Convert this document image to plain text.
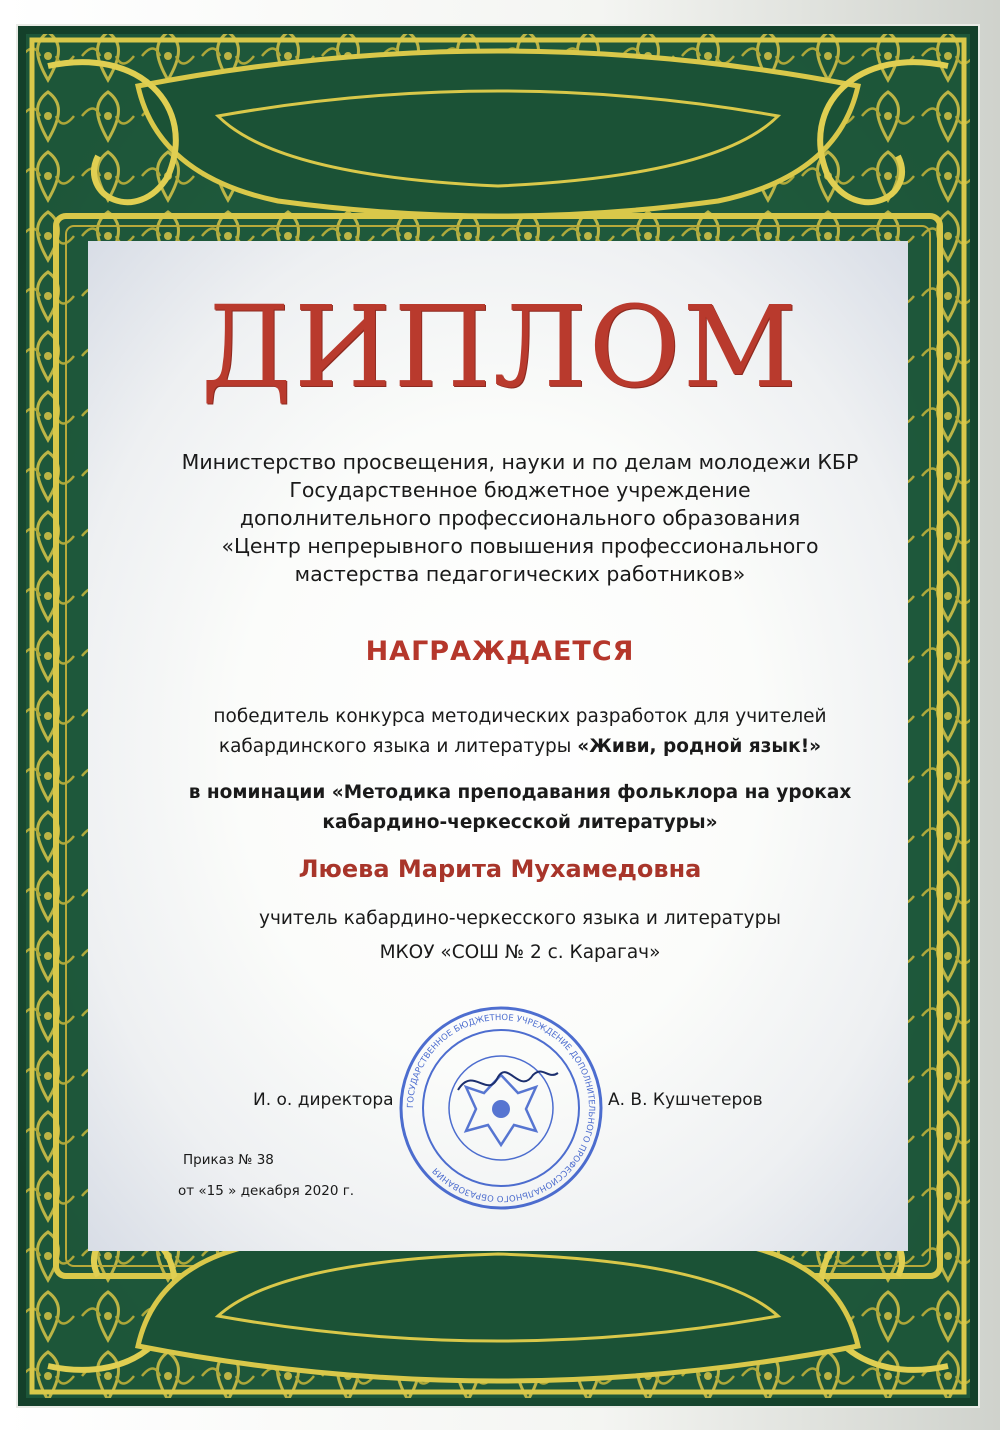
ДИПЛОМ
Министерство просвещения, науки и по делам молодежи КБР
Государственное бюджетное учреждение
дополнительного профессионального образования
«Центр непрерывного повышения профессионального
мастерства педагогических работников»
НАГРАЖДАЕТСЯ
победитель конкурса методических разработок для учителей
кабардинского языка и литературы «Живи, родной язык!»
в номинации «Методика преподавания фольклора на уроках
кабардино-черкесской литературы»
Люева Марита Мухамедовна
учитель кабардино-черкесского языка и литературы
МКОУ «СОШ № 2 с. Карагач»
И. о. директора	А. В. Кушчетеров
ГОСУДАРСТВЕННОЕ БЮДЖЕТНОЕ УЧРЕЖДЕНИЕ ДОПОЛНИТЕЛЬНОГО ПРОФЕССИОНАЛЬНОГО ОБРАЗОВАНИЯ
Приказ № 38
от «15 » декабря 2020 г.
